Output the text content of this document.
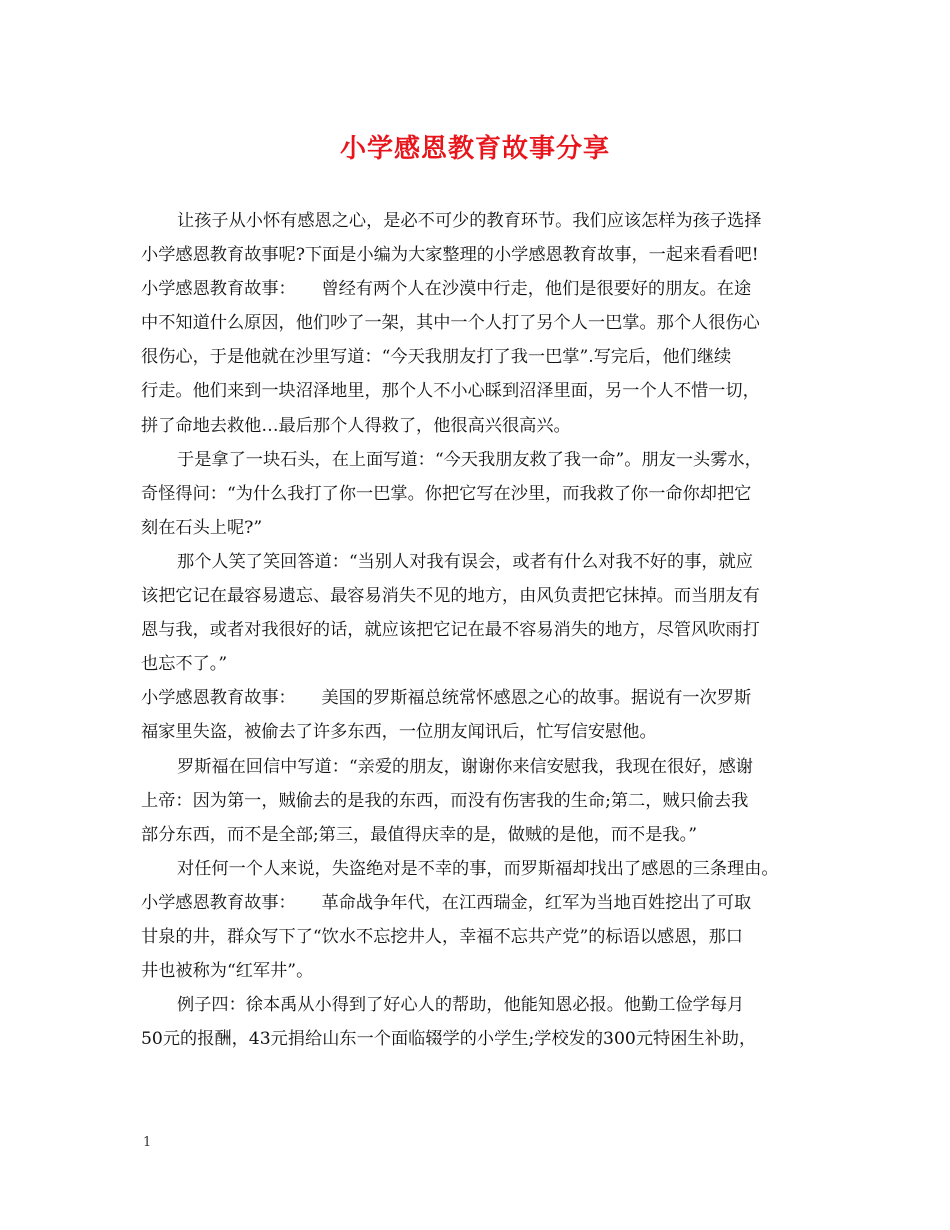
小学感恩教育故事分享
让孩子从小怀有感恩之心，是必不可少的教育环节。我们应该怎样为孩子选择
小学感恩教育故事呢?下面是小编为大家整理的小学感恩教育故事，一起来看看吧!
小学感恩教育故事：　　曾经有两个人在沙漠中行走，他们是很要好的朋友。在途
中不知道什么原因，他们吵了一架，其中一个人打了另个人一巴掌。那个人很伤心
很伤心，于是他就在沙里写道：“今天我朋友打了我一巴掌”.写完后，他们继续
行走。他们来到一块沼泽地里，那个人不小心睬到沼泽里面，另一个人不惜一切，
拼了命地去救他…最后那个人得救了，他很高兴很高兴。
于是拿了一块石头，在上面写道：“今天我朋友救了我一命”。朋友一头雾水，
奇怪得问：“为什么我打了你一巴掌。你把它写在沙里，而我救了你一命你却把它
刻在石头上呢?”
那个人笑了笑回答道：“当别人对我有误会，或者有什么对我不好的事，就应
该把它记在最容易遗忘、最容易消失不见的地方，由风负责把它抹掉。而当朋友有
恩与我，或者对我很好的话，就应该把它记在最不容易消失的地方，尽管风吹雨打
也忘不了。”
小学感恩教育故事：　　美国的罗斯福总统常怀感恩之心的故事。据说有一次罗斯
福家里失盗，被偷去了许多东西，一位朋友闻讯后，忙写信安慰他。
罗斯福在回信中写道：“亲爱的朋友，谢谢你来信安慰我，我现在很好，感谢
上帝：因为第一，贼偷去的是我的东西，而没有伤害我的生命;第二，贼只偷去我
部分东西，而不是全部;第三，最值得庆幸的是，做贼的是他，而不是我。”
对任何一个人来说，失盗绝对是不幸的事，而罗斯福却找出了感恩的三条理由。
小学感恩教育故事：　　革命战争年代，在江西瑞金，红军为当地百姓挖出了可取
甘泉的井，群众写下了“饮水不忘挖井人，幸福不忘共产党”的标语以感恩，那口
井也被称为“红军井”。
例子四：徐本禹从小得到了好心人的帮助，他能知恩必报。他勤工俭学每月
50元的报酬，43元捐给山东一个面临辍学的小学生;学校发的300元特困生补助，
1
